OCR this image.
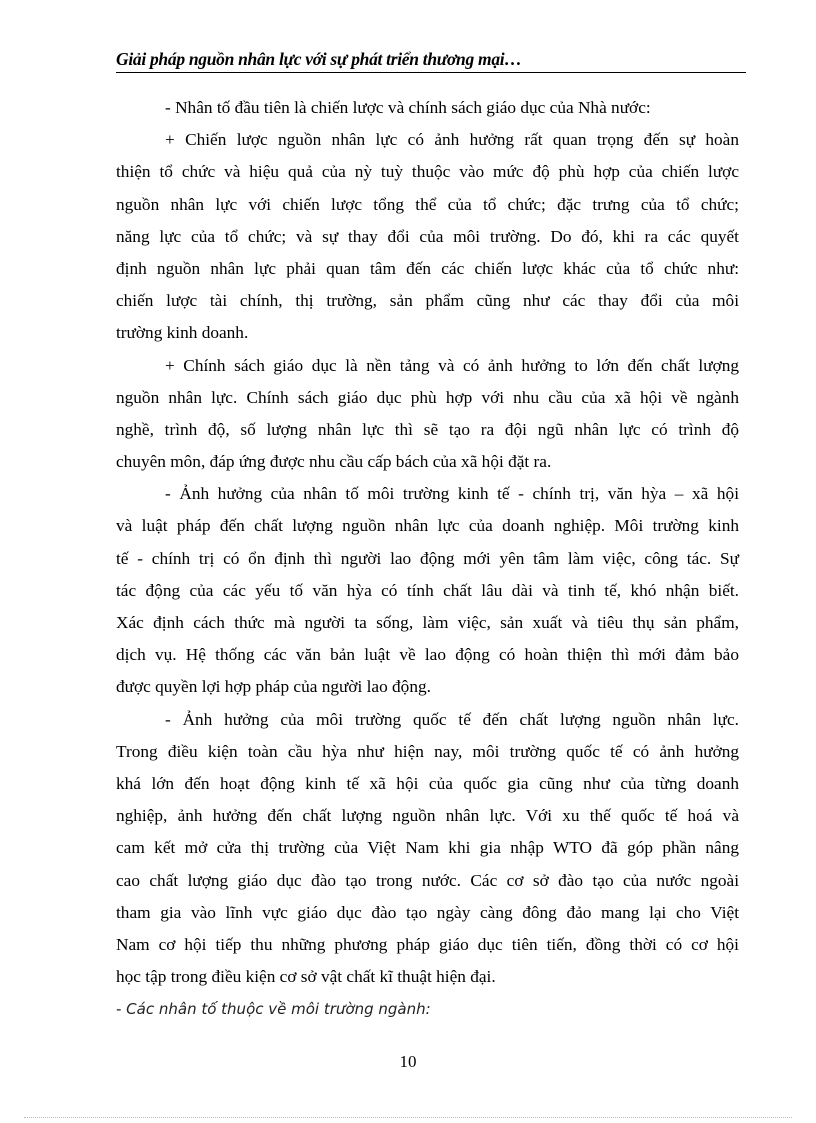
Giải pháp nguồn nhân lực với sự phát triển thương mại…
- Nhân tố đầu tiên là chiến lược và chính sách giáo dục của Nhà nước:
+ Chiến lược nguồn nhân lực có ảnh hưởng rất quan trọng đến sự hoàn
thiện tổ chức và hiệu quả của nỳ tuỳ thuộc vào mức độ phù hợp của chiến lược
nguồn nhân lực với chiến lược tổng thể của tổ chức; đặc trưng của tổ chức;
năng lực của tổ chức; và sự thay đổi của môi trường. Do đó, khi ra các quyết
định nguồn nhân lực phải quan tâm đến các chiến lược khác của tổ chức như:
chiến lược tài chính, thị trường, sản phẩm cũng như các thay đổi của môi
trường kinh doanh.
+ Chính sách giáo dục là nền tảng và có ảnh hưởng to lớn đến chất lượng
nguồn nhân lực. Chính sách giáo dục phù hợp với nhu cầu của xã hội về ngành
nghề, trình độ, số lượng nhân lực thì sẽ tạo ra đội ngũ nhân lực có trình độ
chuyên môn, đáp ứng được nhu cầu cấp bách của xã hội đặt ra.
- Ảnh hưởng của nhân tố môi trường kinh tế - chính trị, văn hỳa – xã hội
và luật pháp đến chất lượng nguồn nhân lực của doanh nghiệp. Môi trường kinh
tế - chính trị có ổn định thì người lao động mới yên tâm làm việc, công tác. Sự
tác động của các yếu tố văn hỳa có tính chất lâu dài và tinh tế, khó nhận biết.
Xác định cách thức mà người ta sống, làm việc, sản xuất và tiêu thụ sản phẩm,
dịch vụ. Hệ thống các văn bản luật về lao động có hoàn thiện thì mới đảm bảo
được quyền lợi hợp pháp của người lao động.
- Ảnh hưởng của môi trường quốc tế đến chất lượng nguồn nhân lực.
Trong điều kiện toàn cầu hỳa như hiện nay, môi trường quốc tế có ảnh hưởng
khá lớn đến hoạt động kinh tế xã hội của quốc gia cũng như của từng doanh
nghiệp, ảnh hưởng đến chất lượng nguồn nhân lực. Với xu thế quốc tế hoá và
cam kết mở cửa thị trường của Việt Nam khi gia nhập WTO đã góp phần nâng
cao chất lượng giáo dục đào tạo trong nước. Các cơ sở đào tạo của nước ngoài
tham gia vào lĩnh vực giáo dục đào tạo ngày càng đông đảo mang lại cho Việt
Nam cơ hội tiếp thu những phương pháp giáo dục tiên tiến, đồng thời có cơ hội
học tập trong điều kiện cơ sở vật chất kĩ thuật hiện đại.
- Các nhân tố thuộc về môi trường ngành:
10
